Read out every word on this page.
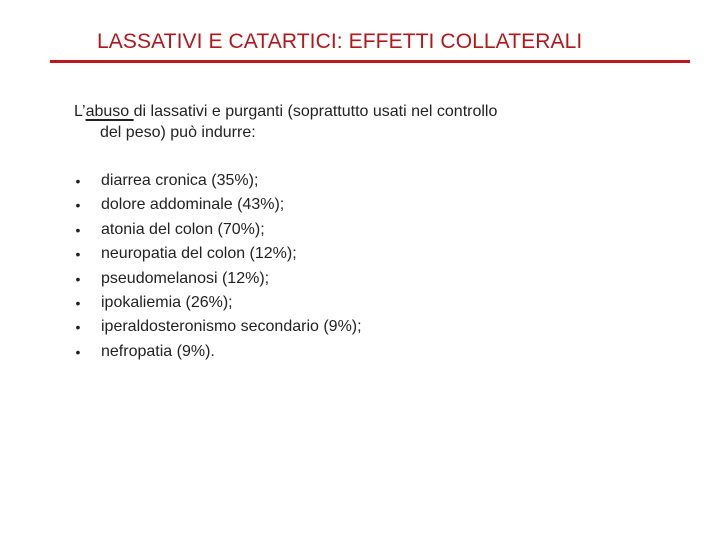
LASSATIVI E CATARTICI: EFFETTI COLLATERALI
L’abuso di lassativi e purganti (soprattutto usati nel controllo
del peso) può indurre:
• diarrea cronica (35%);
• dolore addominale (43%);
• atonia del colon (70%);
• neuropatia del colon (12%);
• pseudomelanosi (12%);
• ipokaliemia (26%);
• iperaldosteronismo secondario (9%);
• nefropatia (9%).
